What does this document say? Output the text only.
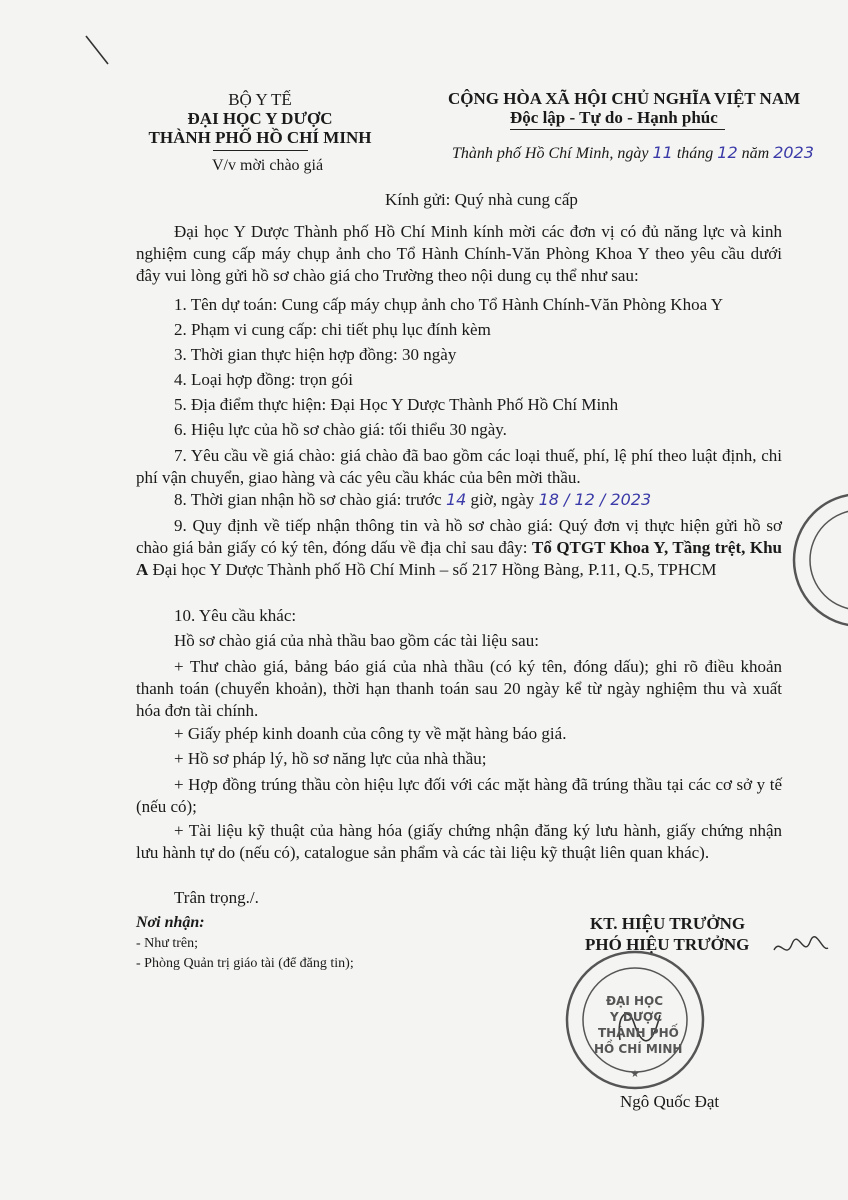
BỘ Y TẾ
ĐẠI HỌC Y DƯỢC
THÀNH PHỐ HỒ CHÍ MINH
V/v mời chào giá
CỘNG HÒA XÃ HỘI CHỦ NGHĨA VIỆT NAM
Độc lập - Tự do - Hạnh phúc
Thành phố Hồ Chí Minh, ngày 11 tháng 12 năm 2023
Kính gửi: Quý nhà cung cấp
Đại học Y Dược Thành phố Hồ Chí Minh kính mời các đơn vị có đủ năng lực và kinh nghiệm cung cấp máy chụp ảnh cho Tổ Hành Chính-Văn Phòng Khoa Y theo yêu cầu dưới đây vui lòng gửi hồ sơ chào giá cho Trường theo nội dung cụ thể như sau:
1. Tên dự toán: Cung cấp máy chụp ảnh cho Tổ Hành Chính-Văn Phòng Khoa Y
2. Phạm vi cung cấp: chi tiết phụ lục đính kèm
3. Thời gian thực hiện hợp đồng: 30 ngày
4. Loại hợp đồng: trọn gói
5. Địa điểm thực hiện: Đại Học Y Dược Thành Phố Hồ Chí Minh
6. Hiệu lực của hồ sơ chào giá: tối thiểu 30 ngày.
7. Yêu cầu về giá chào: giá chào đã bao gồm các loại thuế, phí, lệ phí theo luật định, chi phí vận chuyển, giao hàng và các yêu cầu khác của bên mời thầu.
8. Thời gian nhận hồ sơ chào giá: trước 14 giờ, ngày 18 / 12 / 2023
9. Quy định về tiếp nhận thông tin và hồ sơ chào giá: Quý đơn vị thực hiện gửi hồ sơ chào giá bản giấy có ký tên, đóng dấu về địa chỉ sau đây: Tổ QTGT Khoa Y, Tầng trệt, Khu A Đại học Y Dược Thành phố Hồ Chí Minh – số 217 Hồng Bàng, P.11, Q.5, TPHCM
10. Yêu cầu khác:
Hồ sơ chào giá của nhà thầu bao gồm các tài liệu sau:
+ Thư chào giá, bảng báo giá của nhà thầu (có ký tên, đóng dấu); ghi rõ điều khoản thanh toán (chuyển khoản), thời hạn thanh toán sau 20 ngày kể từ ngày nghiệm thu và xuất hóa đơn tài chính.
+ Giấy phép kinh doanh của công ty về mặt hàng báo giá.
+ Hồ sơ pháp lý, hồ sơ năng lực của nhà thầu;
+ Hợp đồng trúng thầu còn hiệu lực đối với các mặt hàng đã trúng thầu tại các cơ sở y tế (nếu có);
+ Tài liệu kỹ thuật của hàng hóa (giấy chứng nhận đăng ký lưu hành, giấy chứng nhận lưu hành tự do (nếu có), catalogue sản phẩm và các tài liệu kỹ thuật liên quan khác).
Trân trọng./.
Nơi nhận:
- Như trên;
- Phòng Quản trị giáo tài (để đăng tin);
KT. HIỆU TRƯỞNG
PHÓ HIỆU TRƯỞNG
★
ĐẠI HỌC
Y DƯỢC
THÀNH PHỐ
HỒ CHÍ MINH
Ngô Quốc Đạt
